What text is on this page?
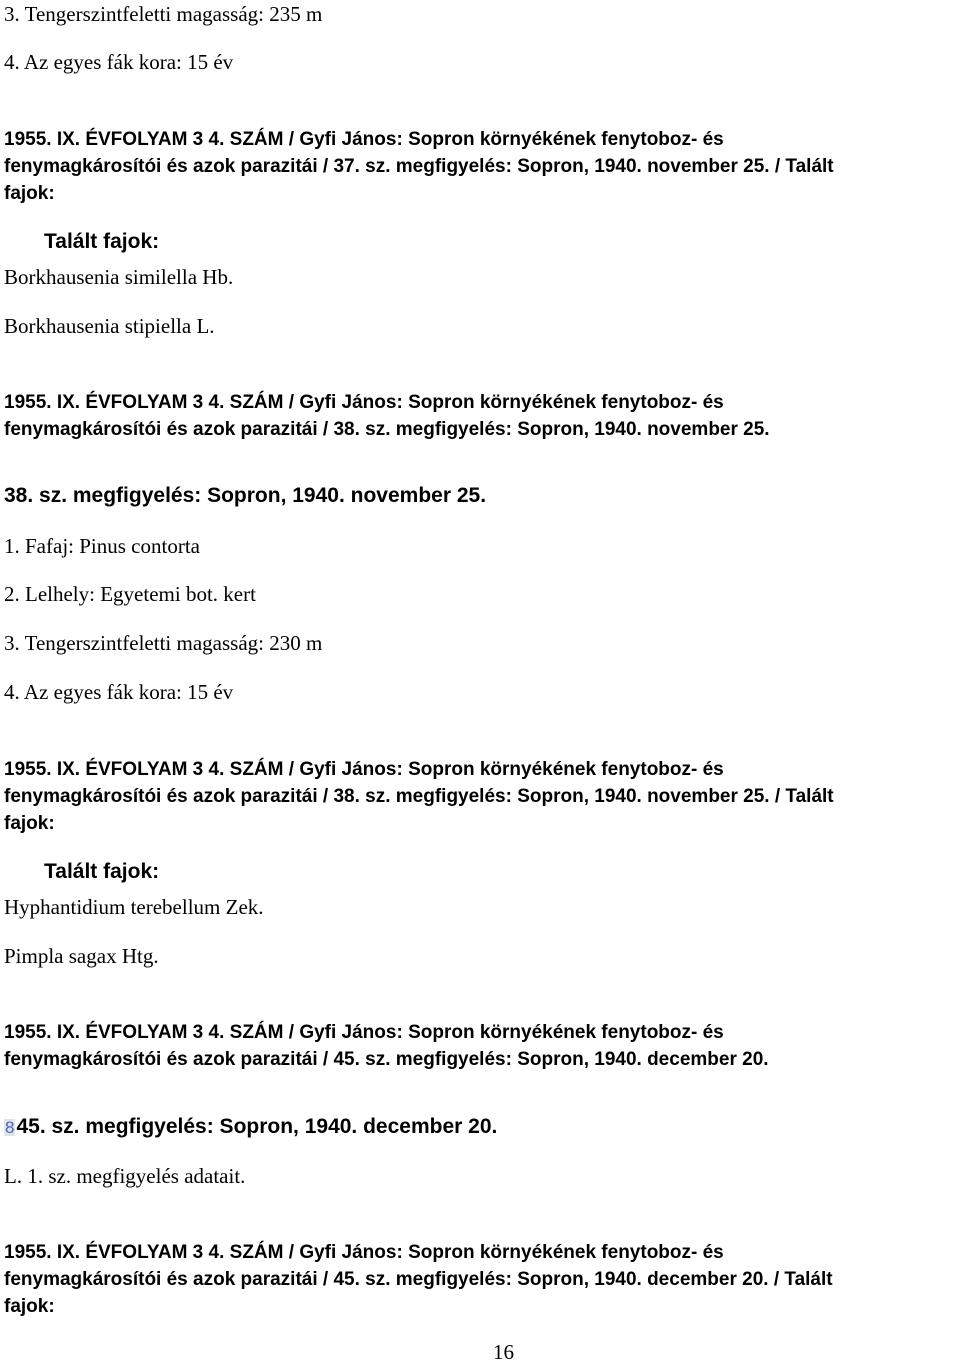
3. Tengerszintfeletti magasság: 235 m
4. Az egyes fák kora: 15 év
1955. IX. ÉVFOLYAM 3 4. SZÁM / Gyfi János: Sopron környékének fenytoboz- és
fenymagkárosítói és azok parazitái / 37. sz. megfigyelés: Sopron, 1940. november 25. / Talált
fajok:
Talált fajok:
Borkhausenia similella Hb.
Borkhausenia stipiella L.
1955. IX. ÉVFOLYAM 3 4. SZÁM / Gyfi János: Sopron környékének fenytoboz- és
fenymagkárosítói és azok parazitái / 38. sz. megfigyelés: Sopron, 1940. november 25.
38. sz. megfigyelés: Sopron, 1940. november 25.
1. Fafaj: Pinus contorta
2. Lelhely: Egyetemi bot. kert
3. Tengerszintfeletti magasság: 230 m
4. Az egyes fák kora: 15 év
1955. IX. ÉVFOLYAM 3 4. SZÁM / Gyfi János: Sopron környékének fenytoboz- és
fenymagkárosítói és azok parazitái / 38. sz. megfigyelés: Sopron, 1940. november 25. / Talált
fajok:
Talált fajok:
Hyphantidium terebellum Zek.
Pimpla sagax Htg.
1955. IX. ÉVFOLYAM 3 4. SZÁM / Gyfi János: Sopron környékének fenytoboz- és
fenymagkárosítói és azok parazitái / 45. sz. megfigyelés: Sopron, 1940. december 20.
845. sz. megfigyelés: Sopron, 1940. december 20.
L. 1. sz. megfigyelés adatait.
1955. IX. ÉVFOLYAM 3 4. SZÁM / Gyfi János: Sopron környékének fenytoboz- és
fenymagkárosítói és azok parazitái / 45. sz. megfigyelés: Sopron, 1940. december 20. / Talált
fajok:
16
